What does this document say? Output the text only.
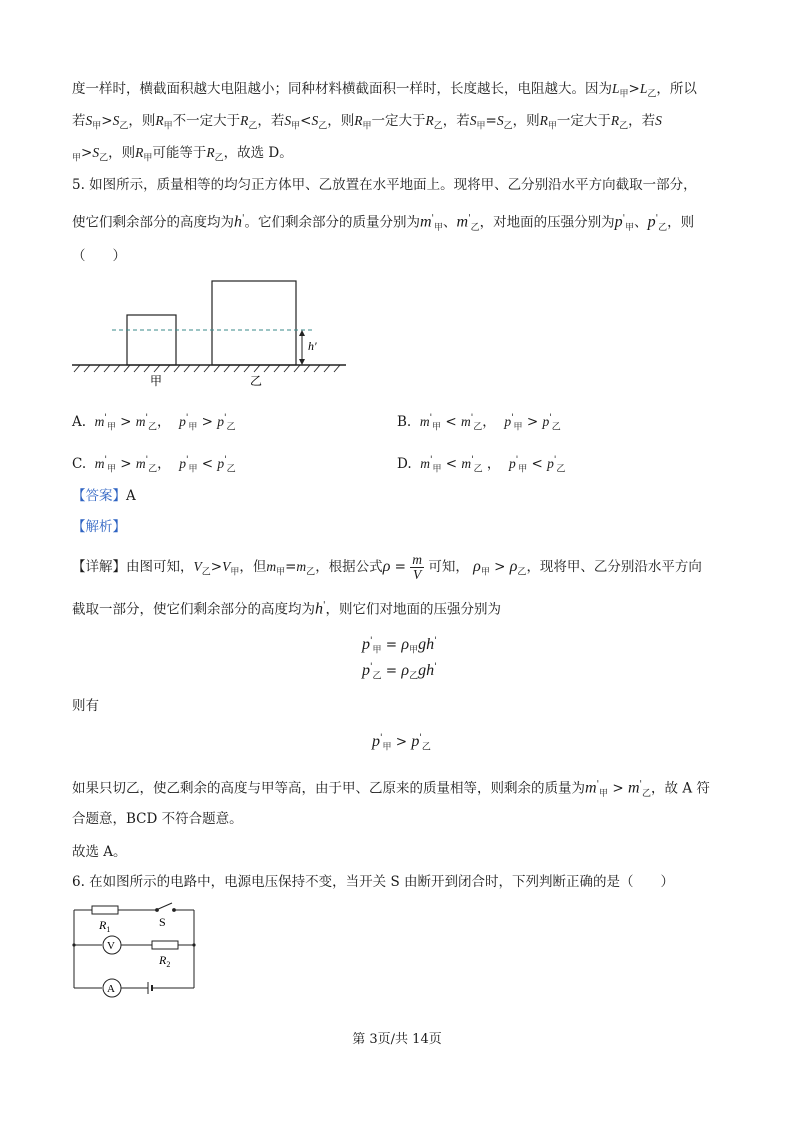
度一样时，横截面积越大电阻越小；同种材料横截面积一样时，长度越长，电阻越大。因为$L_甲>L_乙$，所以
若$S_甲>S_乙$，则$R_甲$不一定大于$R_乙$，若$S_甲<S_乙$，则$R_甲$一定大于$R_乙$，若$S_甲=S_乙$，则$R_甲$一定大于$R_乙$，若S
$_甲>S_乙$，则$R_甲$可能等于$R_乙$，故选 D。
5. 如图所示，质量相等的均匀正方体甲、乙放置在水平地面上。现将甲、乙分别沿水平方向截取一部分，
使它们剩余部分的高度均为h'。它们剩余部分的质量分别为$m'_甲$、$m'_乙$，对地面的压强分别为$p'_甲$、$p'_乙$，则
（　　）
h′
甲	乙
A. $m'_甲 > m'_乙$，  $p'_甲 > p'_乙$	B. $m'_甲 < m'_乙$，  $p'_甲 > p'_乙$
C. $m'_甲 > m'_乙$，  $p'_甲 < p'_乙$	D. $m'_甲 < m'_乙$ ，  $p'_甲 < p'_乙$
【答案】A
【解析】
【详解】由图可知，$V_乙>V_甲$，但$m_甲=m_乙$，根据公式$\rho = \frac{m}{V}$ 可知， $\rho_甲 > \rho_乙$，现将甲、乙分别沿水平方向
截取一部分，使它们剩余部分的高度均为h'，则它们对地面的压强分别为
$p'_甲 = \rho_甲gh'$
$p'_乙 = \rho_乙gh'$
则有
$p'_甲 > p'_乙$
如果只切乙，使乙剩余的高度与甲等高，由于甲、乙原来的质量相等，则剩余的质量为$m'_甲 > m'_乙$，故 A 符
合题意，BCD 不符合题意。
故选 A。
6. 在如图所示的电路中，电源电压保持不变，当开关 S 由断开到闭合时，下列判断正确的是（　　）
$R_1$
S
V
$R_2$
A
第 3页/共 14页
